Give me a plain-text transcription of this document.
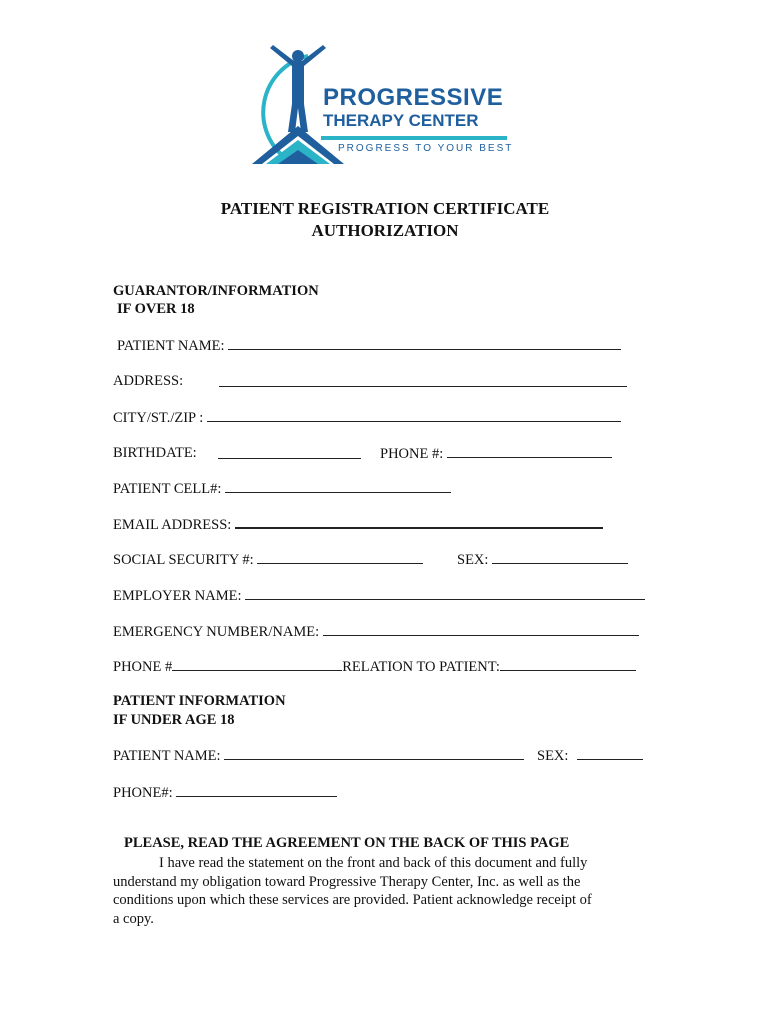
PROGRESSIVE
THERAPY CENTER
PROGRESS TO YOUR BEST
PATIENT REGISTRATION CERTIFICATE
AUTHORIZATION
GUARANTOR/INFORMATION
IF OVER 18
PATIENT NAME:
ADDRESS:
CITY/ST./ZIP :
BIRTHDATE:	PHONE #:
PATIENT CELL#:
EMAIL ADDRESS:
SOCIAL SECURITY #:	SEX:
EMPLOYER NAME:
EMERGENCY NUMBER/NAME:
PHONE #	RELATION TO PATIENT:
PATIENT INFORMATION
IF UNDER AGE 18
PATIENT NAME:	SEX:
PHONE#:
PLEASE, READ THE AGREEMENT ON THE BACK OF THIS PAGE
I have read the statement on the front and back of this document and fully
understand my obligation toward Progressive Therapy Center, Inc. as well as the
conditions upon which these services are provided. Patient acknowledge receipt of
a copy.
